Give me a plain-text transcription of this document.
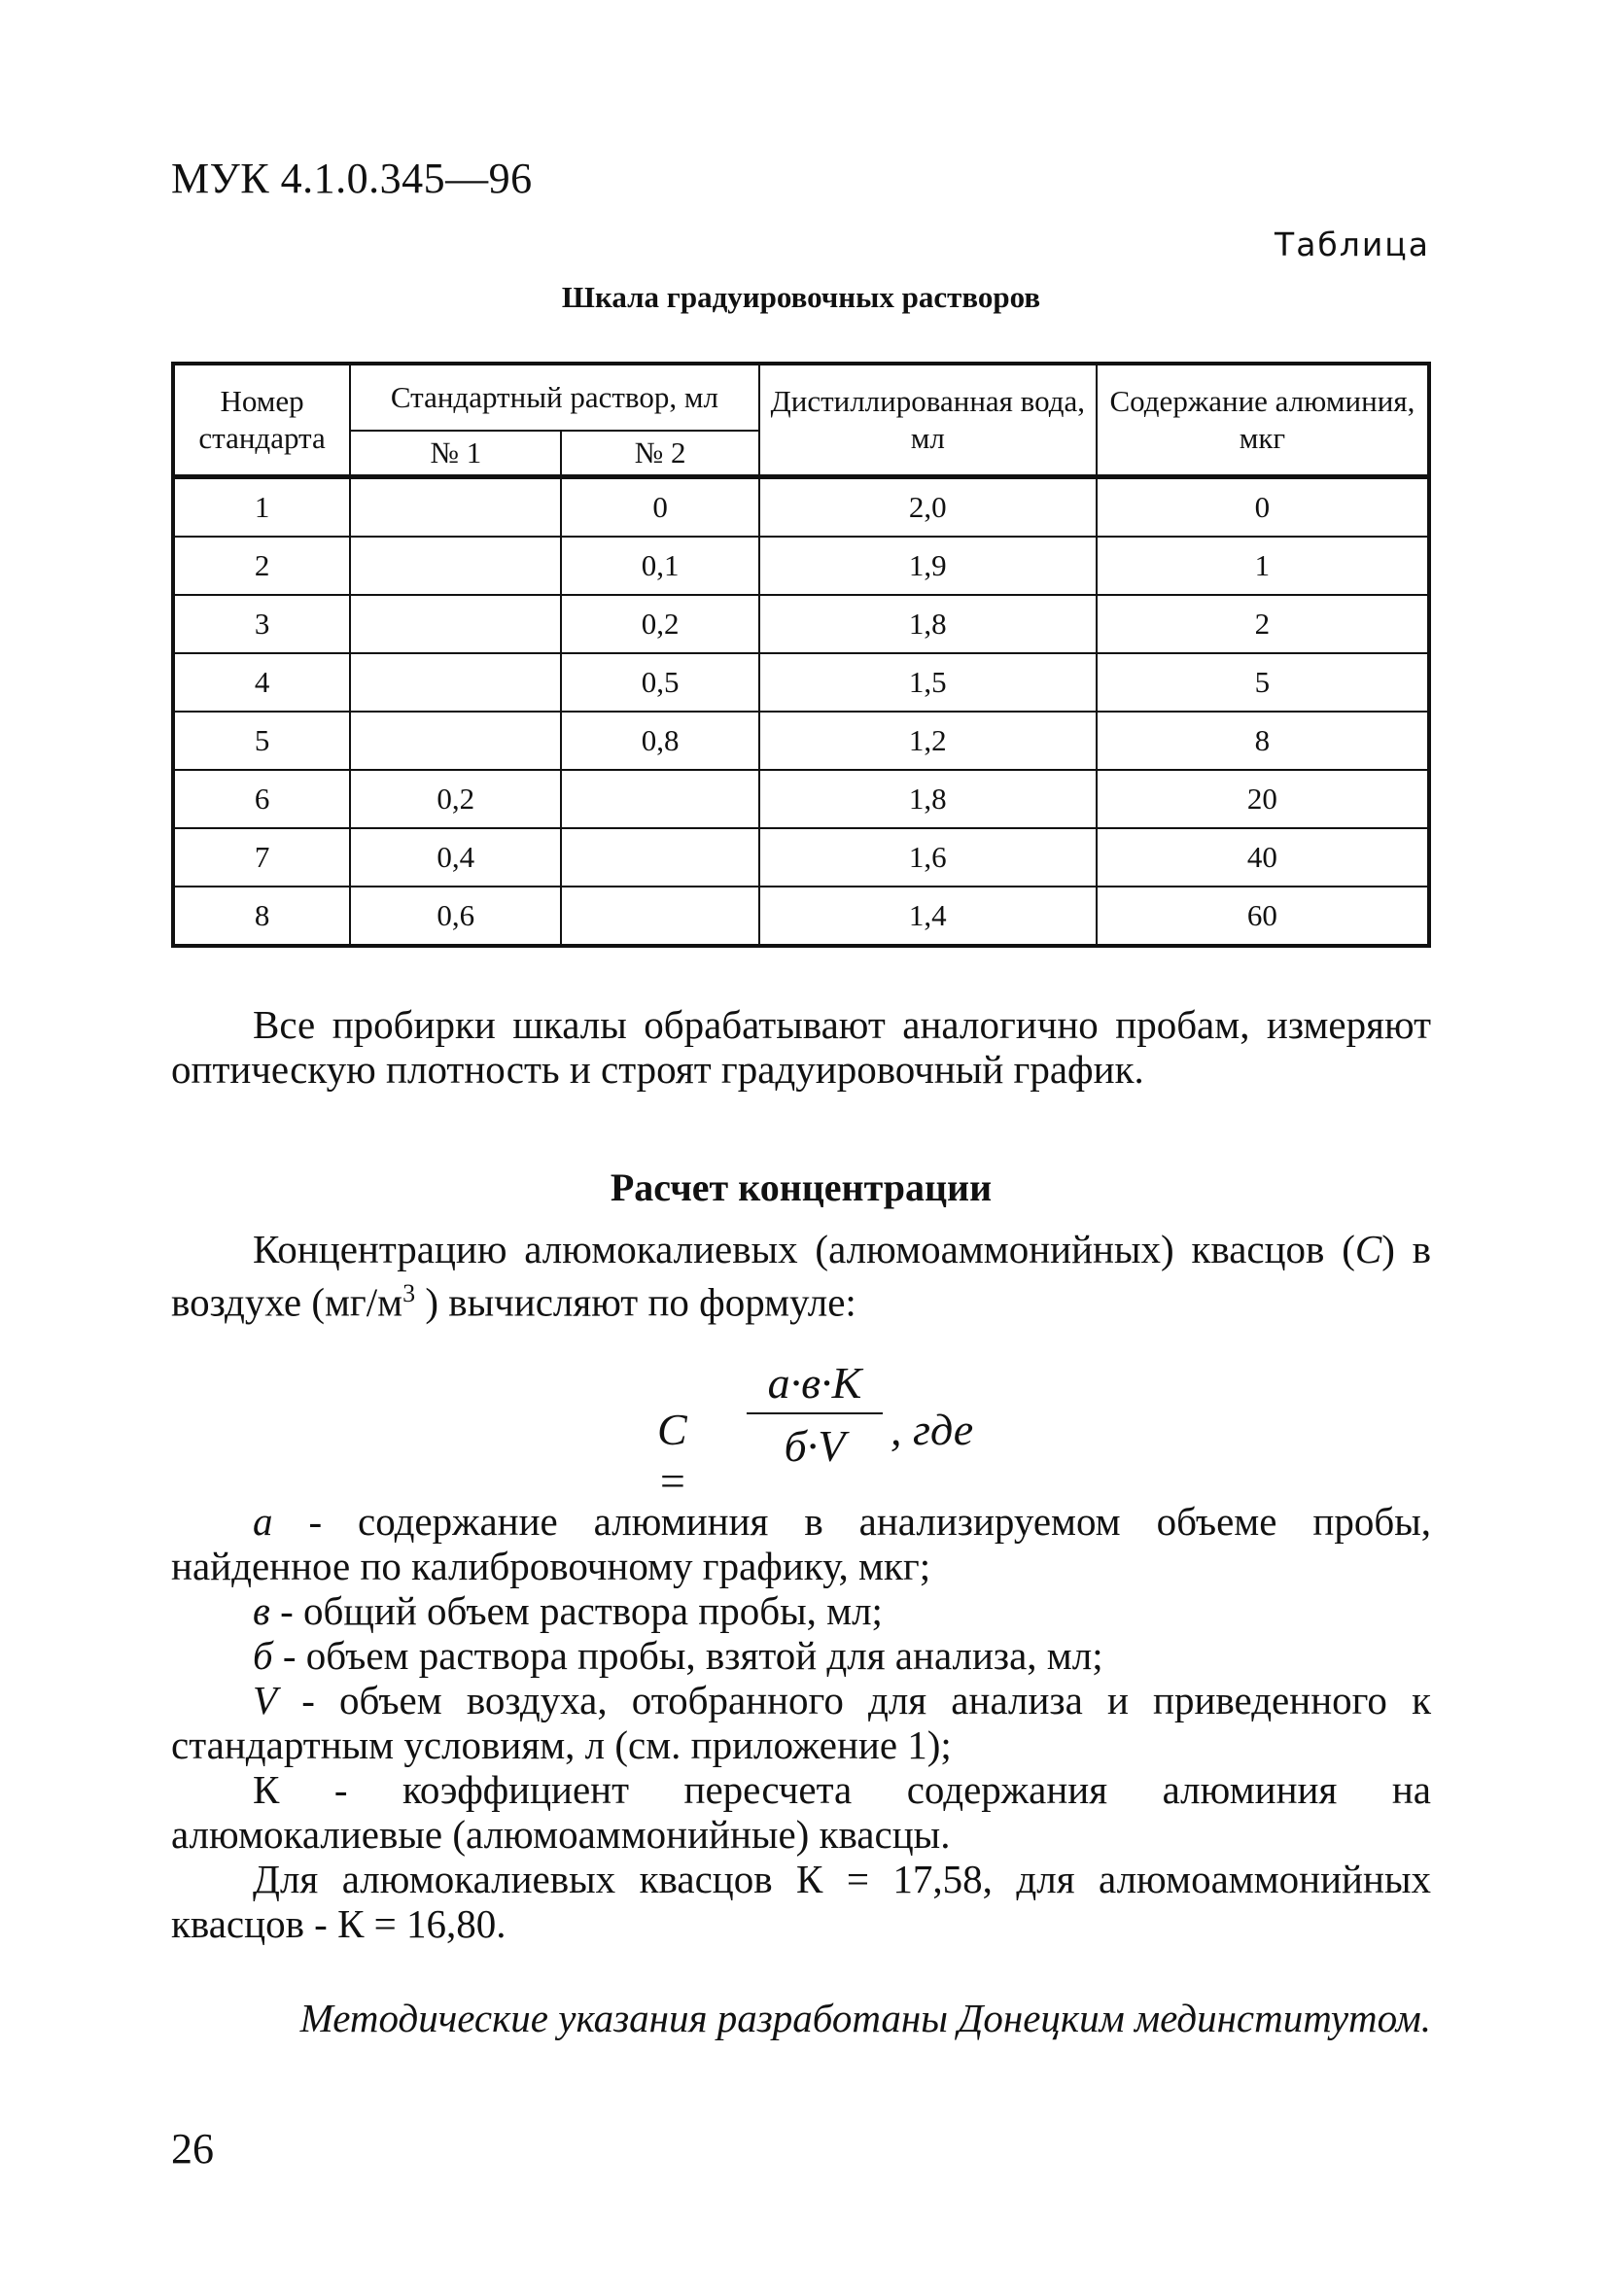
МУК 4.1.0.345—96
Таблица
Шкала градуировочных растворов
Номер стандарта	Стандартный раствор, мл		Дистиллированная вода, мл	Содержание алюминия, мкг
	№ 1	№ 2		
1		0	2,0	0
2		0,1	1,9	1
3		0,2	1,8	2
4		0,5	1,5	5
5		0,8	1,2	8
6	0,2		1,8	20
7	0,4		1,6	40
8	0,6		1,4	60

Все пробирки шкалы обрабатывают аналогично пробам, измеряют оптическую плотность и строят градуировочный график.

Расчет концентрации

Концентрацию алюмокалиевых (алюмоаммонийных) квасцов (C) в воздухе ($мг/м^3$ ) вычисляют по формуле:

C =
а·в·K
б·V	, где

а - содержание алюминия в анализируемом объеме пробы, найденное по калибровочному графику, мкг;

в - общий объем раствора пробы, мл;

б - объем раствора пробы, взятой для анализа, мл;

V - объем воздуха, отобранного для анализа и приведенного к стандартным условиям, л (см. приложение 1);

К - коэффициент пересчета содержания алюминия на алюмокалиевые (алюмоаммонийные) квасцы.

Для алюмокалиевых квасцов К = 17,58, для алюмоаммонийных квасцов - К = 16,80.

Методические указания разработаны Донецким мединститутом.
26
